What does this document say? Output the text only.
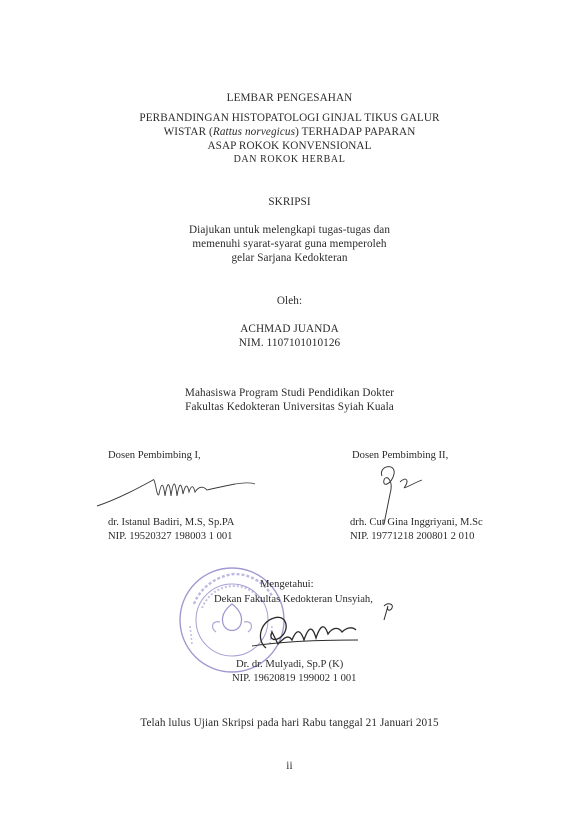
LEMBAR PENGESAHAN
PERBANDINGAN HISTOPATOLOGI GINJAL TIKUS GALUR
WISTAR (Rattus norvegicus) TERHADAP PAPARAN
ASAP ROKOK KONVENSIONAL
DAN ROKOK HERBAL
SKRIPSI
Diajukan untuk melengkapi tugas-tugas dan
memenuhi syarat-syarat guna memperoleh
gelar Sarjana Kedokteran
Oleh:
ACHMAD JUANDA
NIM. 1107101010126
Mahasiswa Program Studi Pendidikan Dokter
Fakultas Kedokteran Universitas Syiah Kuala
Dosen Pembimbing I,
dr. Istanul Badiri, M.S, Sp.PA
NIP. 19520327 198003 1 001
Dosen Pembimbing II,
drh. Cut Gina Inggriyani, M.Sc
NIP. 19771218 200801 2 010
Mengetahui:
Dekan Fakultas Kedokteran Unsyiah,
Dr. dr. Mulyadi, Sp.P (K)
NIP. 19620819 199002 1 001
Telah lulus Ujian Skripsi pada hari Rabu tanggal 21 Januari 2015
ii
